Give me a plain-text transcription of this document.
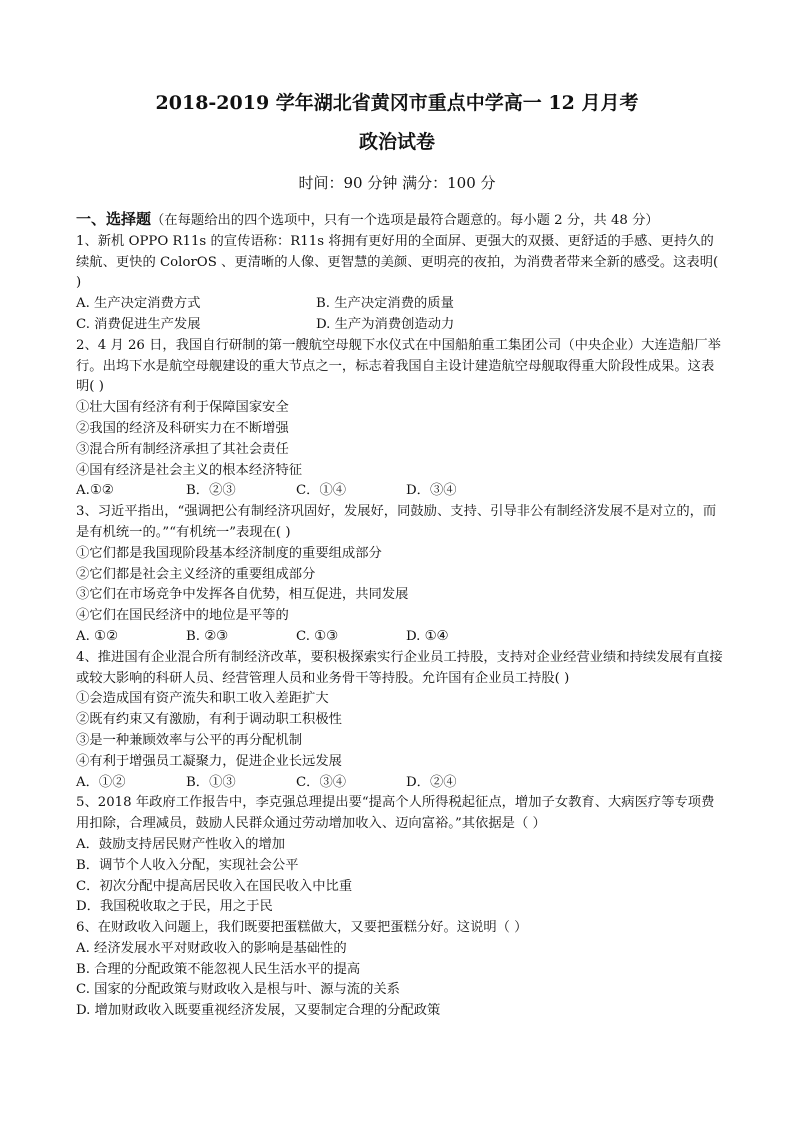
2018-2019 学年湖北省黄冈市重点中学高一 12 月月考
政治试卷
时间：90 分钟 满分：100 分

一、选择题（在每题给出的四个选项中，只有一个选项是最符合题意的。每小题 2 分，共 48 分）

1、新机 OPPO R11s 的宣传语称：R11s 将拥有更好用的全面屏、更强大的双摄、更舒适的手感、更持久的续航、更快的 ColorOS 、更清晰的人像、更智慧的美颜、更明亮的夜拍，为消费者带来全新的感受。这表明( )

A. 生产决定消费方式	B. 生产决定消费的质量
C. 消费促进生产发展	D. 生产为消费创造动力

2、4 月 26 日，我国自行研制的第一艘航空母舰下水仪式在中国船舶重工集团公司（中央企业）大连造船厂举行。出坞下水是航空母舰建设的重大节点之一，标志着我国自主设计建造航空母舰取得重大阶段性成果。这表明( )

①壮大国有经济有利于保障国家安全

②我国的经济及科研实力在不断增强

③混合所有制经济承担了其社会责任

④国有经济是社会主义的根本经济特征

A.①②	B．②③	C．①④	D．③④

3、习近平指出，“强调把公有制经济巩固好，发展好，同鼓励、支持、引导非公有制经济发展不是对立的，而是有机统一的。”“有机统一”表现在( )

①它们都是我国现阶段基本经济制度的重要组成部分

②它们都是社会主义经济的重要组成部分

③它们在市场竞争中发挥各自优势，相互促进，共同发展

④它们在国民经济中的地位是平等的

A. ①②	B. ②③	C. ①③	D. ①④

4、推进国有企业混合所有制经济改革，要积极探索实行企业员工持股，支持对企业经营业绩和持续发展有直接或较大影响的科研人员、经营管理人员和业务骨干等持股。允许国有企业员工持股( )

①会造成国有资产流失和职工收入差距扩大

②既有约束又有激励，有利于调动职工积极性

③是一种兼顾效率与公平的再分配机制

④有利于增强员工凝聚力，促进企业长远发展

A．①②	B．①③	C．③④	D．②④

5、2018 年政府工作报告中，李克强总理提出要“提高个人所得税起征点，增加子女教育、大病医疗等专项费用扣除，合理减员，鼓励人民群众通过劳动增加收入、迈向富裕。”其依据是（ ）

A．鼓励支持居民财产性收入的增加

B．调节个人收入分配，实现社会公平

C．初次分配中提高居民收入在国民收入中比重

D．我国税收取之于民，用之于民

6、在财政收入问题上，我们既要把蛋糕做大，又要把蛋糕分好。这说明（ ）

A. 经济发展水平对财政收入的影响是基础性的

B. 合理的分配政策不能忽视人民生活水平的提高

C. 国家的分配政策与财政收入是根与叶、源与流的关系

D. 增加财政收入既要重视经济发展，又要制定合理的分配政策
